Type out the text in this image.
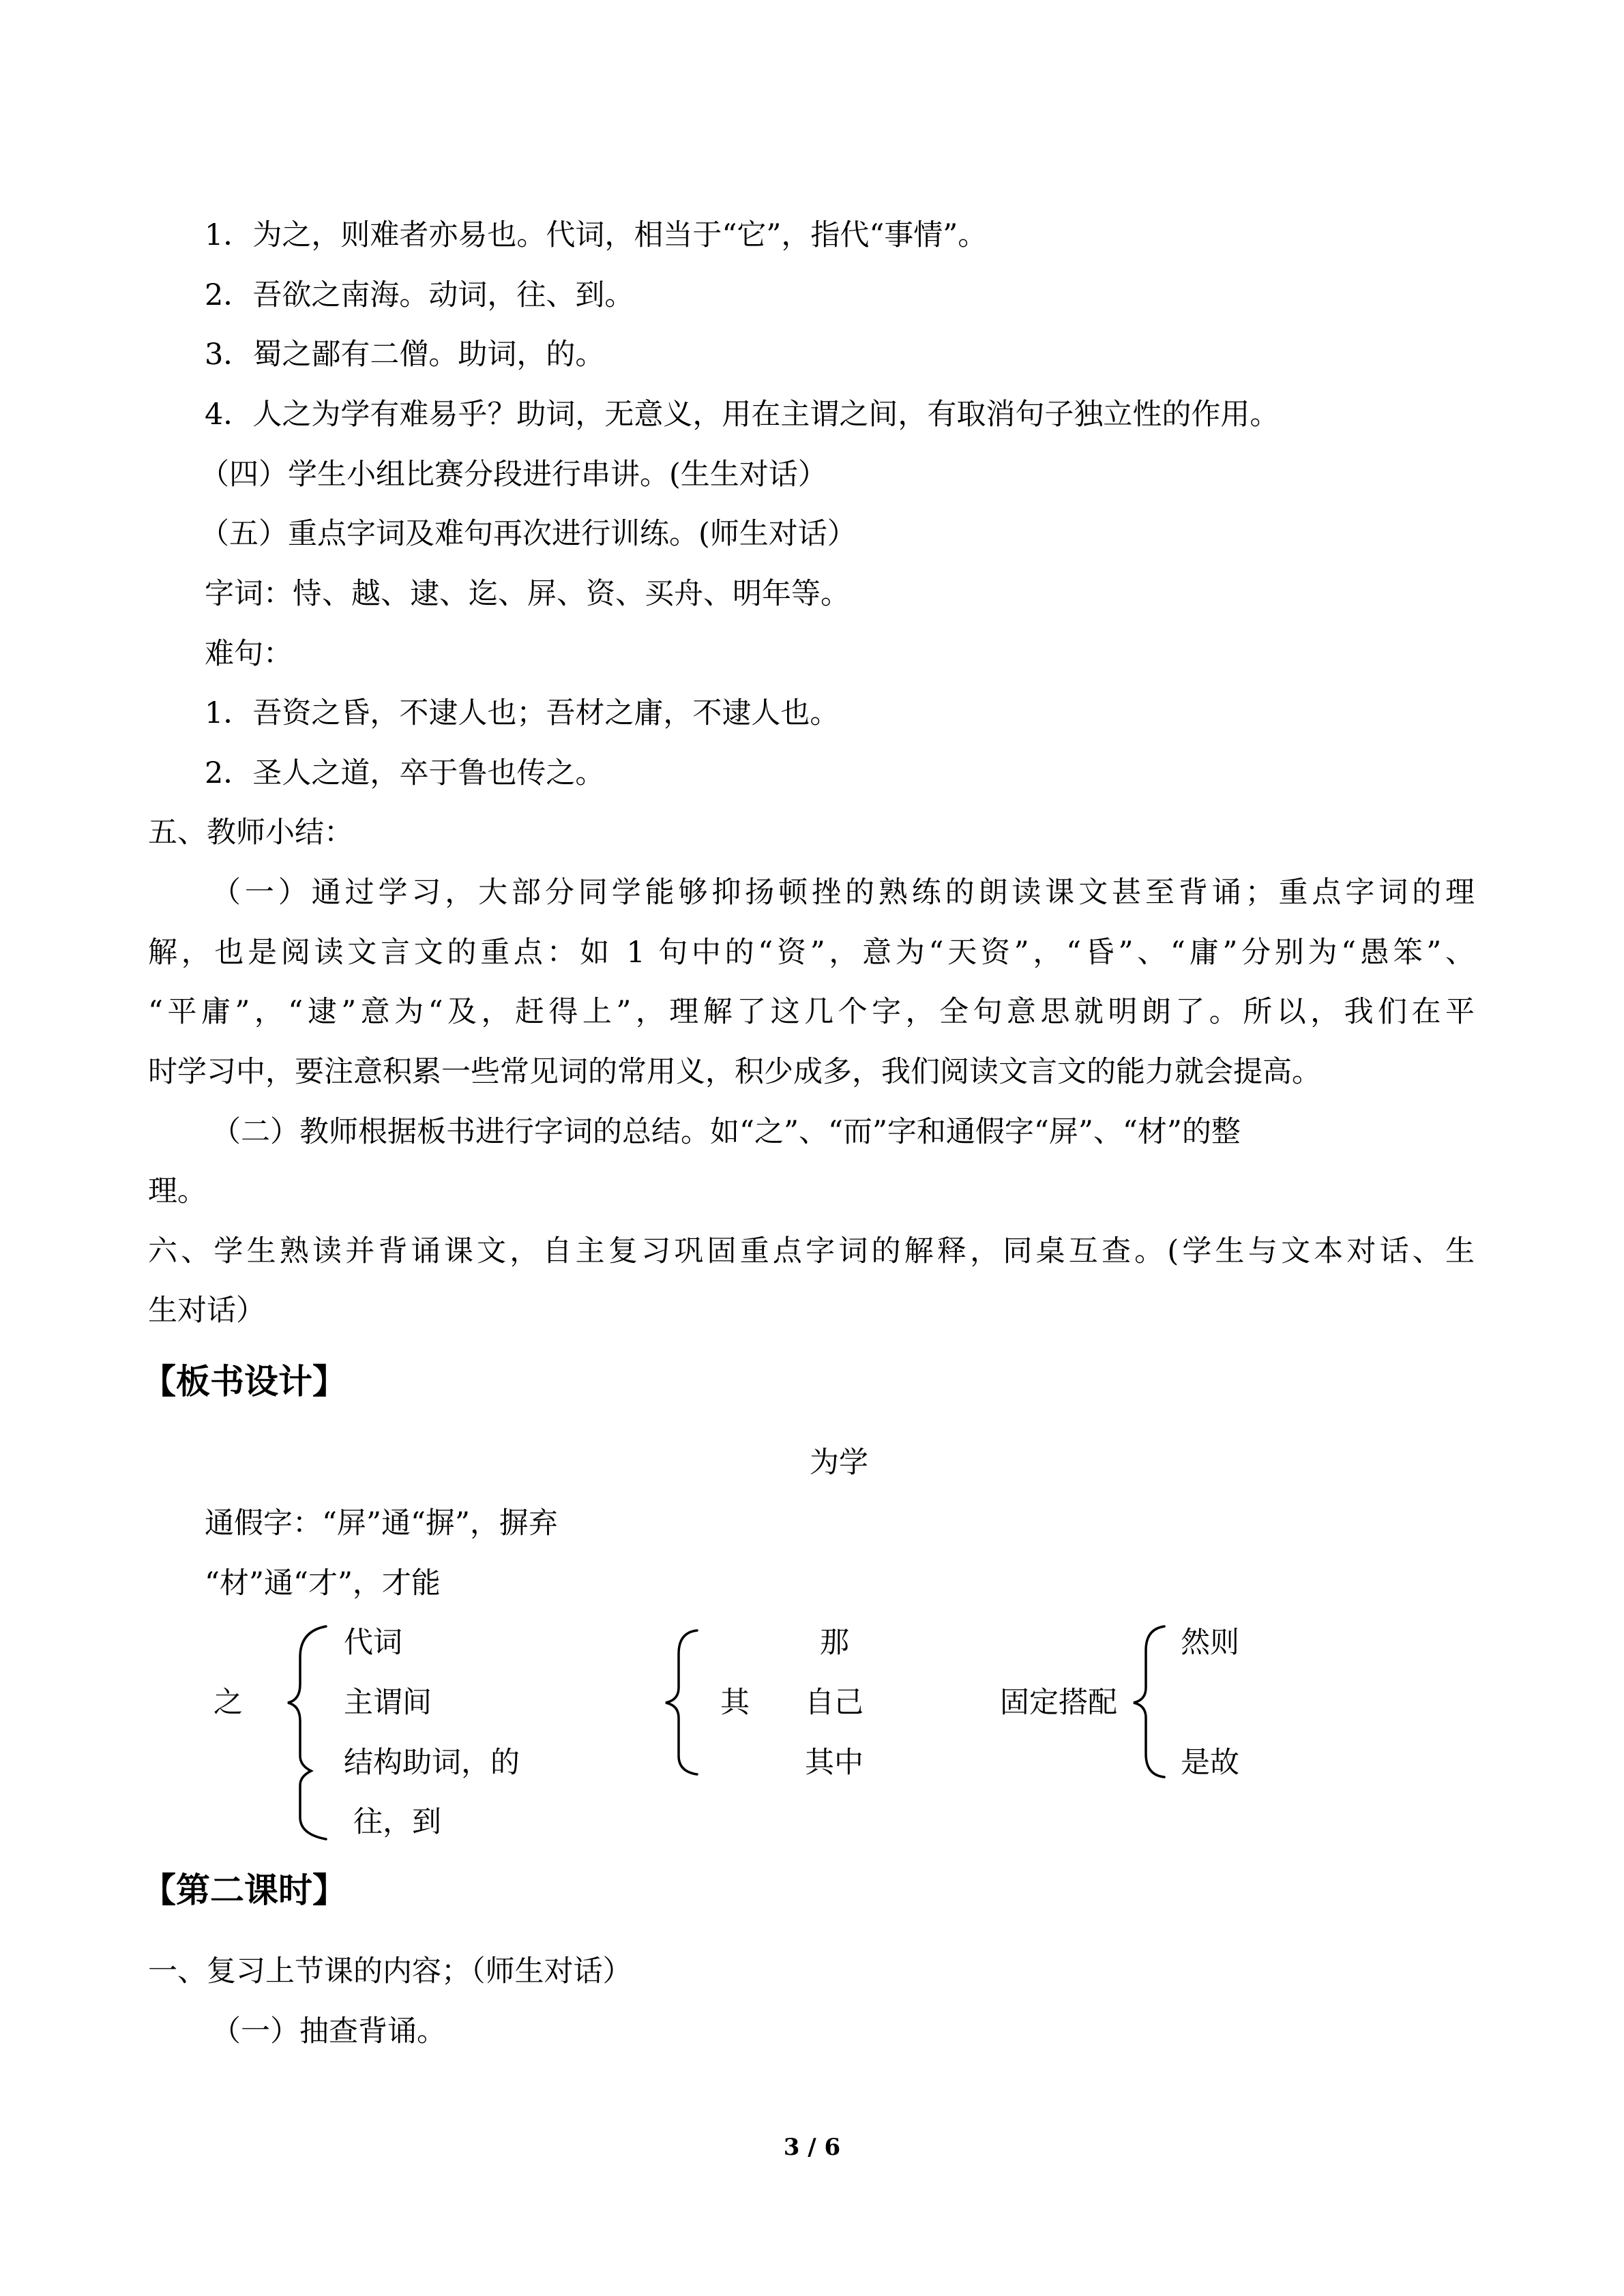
1．为之，则难者亦易也。代词，相当于“它”，指代“事情”。
2．吾欲之南海。动词，往、到。
3．蜀之鄙有二僧。助词，的。
4．人之为学有难易乎？助词，无意义，用在主谓之间，有取消句子独立性的作用。
（四）学生小组比赛分段进行串讲。(生生对话）
（五）重点字词及难句再次进行训练。(师生对话）
字词：恃、越、逮、迄、屏、资、买舟、明年等。
难句：
1．吾资之昏，不逮人也；吾材之庸，不逮人也。
2．圣人之道，卒于鲁也传之。
五、教师小结：
（一）通过学习，大部分同学能够抑扬顿挫的熟练的朗读课文甚至背诵；重点字词的理
解，也是阅读文言文的重点：如 1 句中的“资”，意为“天资”，“昏”、“庸”分别为“愚笨”、
“平庸”，“逮”意为“及，赶得上”，理解了这几个字，全句意思就明朗了。所以，我们在平
时学习中，要注意积累一些常见词的常用义，积少成多，我们阅读文言文的能力就会提高。
（二）教师根据板书进行字词的总结。如“之”、“而”字和通假字“屏”、“材”的整
理。
六、学生熟读并背诵课文，自主复习巩固重点字词的解释，同桌互查。(学生与文本对话、生
生对话）
【板书设计】
为学
通假字：“屏”通“摒”，摒弃
“材”通“才”，才能
之
代词
主谓间
结构助词，的
往，到
其
那
自己
其中
固定搭配
然则
是故
【第二课时】
一、复习上节课的内容；（师生对话）
（一）抽查背诵。
3 / 6
